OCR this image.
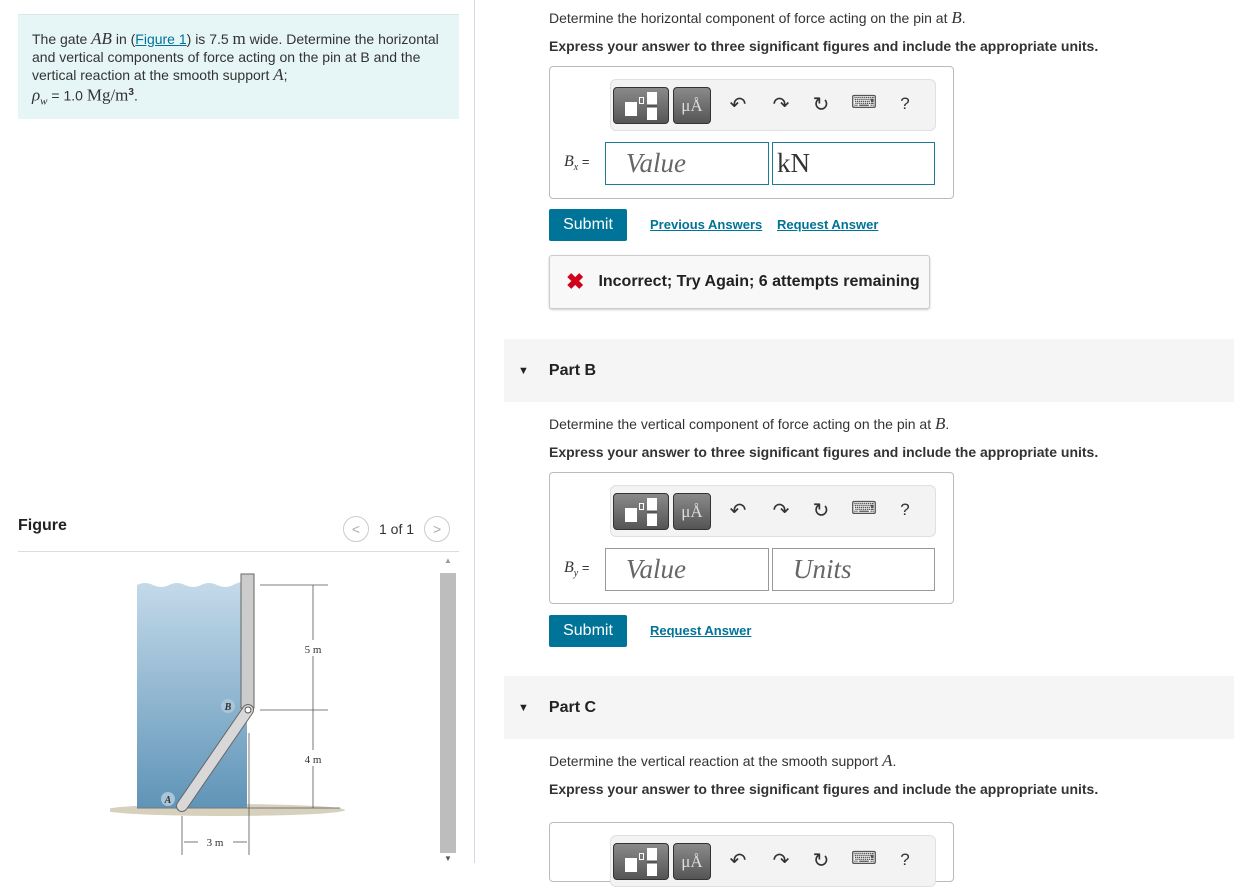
The gate AB in (Figure 1) is 7.5 m wide. Determine the horizontal and vertical components of force acting on the pin at B and the vertical reaction at the smooth support A;
$\rho_w = 1.0$ $Mg/m^3$.
Figure	<	1 of 1	>
B
A
5 m
4 m
3 m
▲
▼
Determine the horizontal component of force acting on the pin at B.
Express your answer to three significant figures and include the appropriate units.
μÅ	↶ ↷ ↻ ⌨	?
$B_x$ =	Value	kN
Submit	Previous Answers Request Answer
✖ Incorrect; Try Again; 6 attempts remaining
▼ Part B
Determine the vertical component of force acting on the pin at B.
Express your answer to three significant figures and include the appropriate units.
μÅ	↶ ↷ ↻ ⌨	?
$B_y$ =	Value	Units
Submit	Request Answer
▼ Part C
Determine the vertical reaction at the smooth support A.
Express your answer to three significant figures and include the appropriate units.
μÅ	↶ ↷ ↻ ⌨	?
